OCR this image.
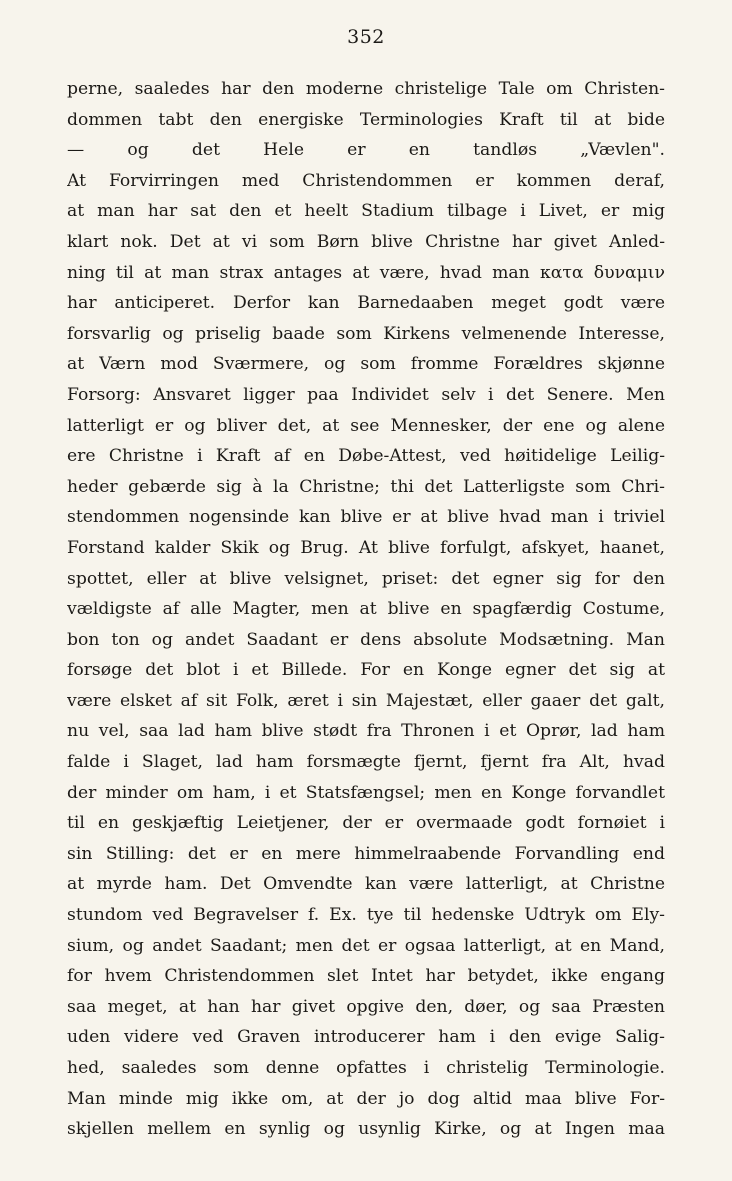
352
perne, saaledes har den moderne christelige Tale om Christen-
dommen tabt den energiske Terminologies Kraft til at bide
— og det Hele er en tandløs „Vævlen".
At Forvirringen med Christendommen er kommen deraf,
at man har sat den et heelt Stadium tilbage i Livet, er mig
klart nok. Det at vi som Børn blive Christne har givet Anled-
ning til at man strax antages at være, hvad man κατα δυναμιν
har anticiperet. Derfor kan Barnedaaben meget godt være
forsvarlig og priselig baade som Kirkens velmenende Interesse,
at Værn mod Sværmere, og som fromme Forældres skjønne
Forsorg: Ansvaret ligger paa Individet selv i det Senere. Men
latterligt er og bliver det, at see Mennesker, der ene og alene
ere Christne i Kraft af en Døbe-Attest, ved høitidelige Leilig-
heder gebærde sig à la Christne; thi det Latterligste som Chri-
stendommen nogensinde kan blive er at blive hvad man i triviel
Forstand kalder Skik og Brug. At blive forfulgt, afskyet, haanet,
spottet, eller at blive velsignet, priset: det egner sig for den
vældigste af alle Magter, men at blive en spagfærdig Costume,
bon ton og andet Saadant er dens absolute Modsætning. Man
forsøge det blot i et Billede. For en Konge egner det sig at
være elsket af sit Folk, æret i sin Majestæt, eller gaaer det galt,
nu vel, saa lad ham blive stødt fra Thronen i et Oprør, lad ham
falde i Slaget, lad ham forsmægte fjernt, fjernt fra Alt, hvad
der minder om ham, i et Statsfængsel; men en Konge forvandlet
til en geskjæftig Leietjener, der er overmaade godt fornøiet i
sin Stilling: det er en mere himmelraabende Forvandling end
at myrde ham. Det Omvendte kan være latterligt, at Christne
stundom ved Begravelser f. Ex. tye til hedenske Udtryk om Ely-
sium, og andet Saadant; men det er ogsaa latterligt, at en Mand,
for hvem Christendommen slet Intet har betydet, ikke engang
saa meget, at han har givet opgive den, døer, og saa Præsten
uden videre ved Graven introducerer ham i den evige Salig-
hed, saaledes som denne opfattes i christelig Terminologie.
Man minde mig ikke om, at der jo dog altid maa blive For-
skjellen mellem en synlig og usynlig Kirke, og at Ingen maa
